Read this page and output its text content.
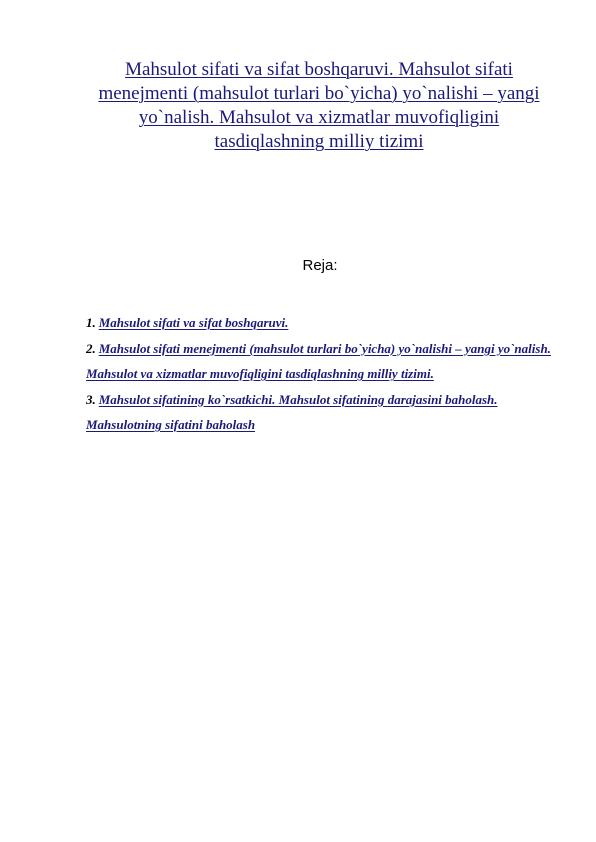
Mahsulot sifati va sifat boshqaruvi. Mahsulot sifati menejmenti (mahsulot turlari bo`yicha) yo`nalishi – yangi yo`nalish. Mahsulot va xizmatlar muvofiqligini tasdiqlashning milliy tizimi
Reja:

1. Mahsulot sifati va sifat boshqaruvi.

2. Mahsulot sifati menejmenti (mahsulot turlari bo`yicha) yo`nalishi – yangi yo`nalish. Mahsulot va xizmatlar muvofiqligini tasdiqlashning milliy tizimi.

3. Mahsulot sifatining ko`rsatkichi. Mahsulot sifatining darajasini baholash. Mahsulotning sifatini baholash
